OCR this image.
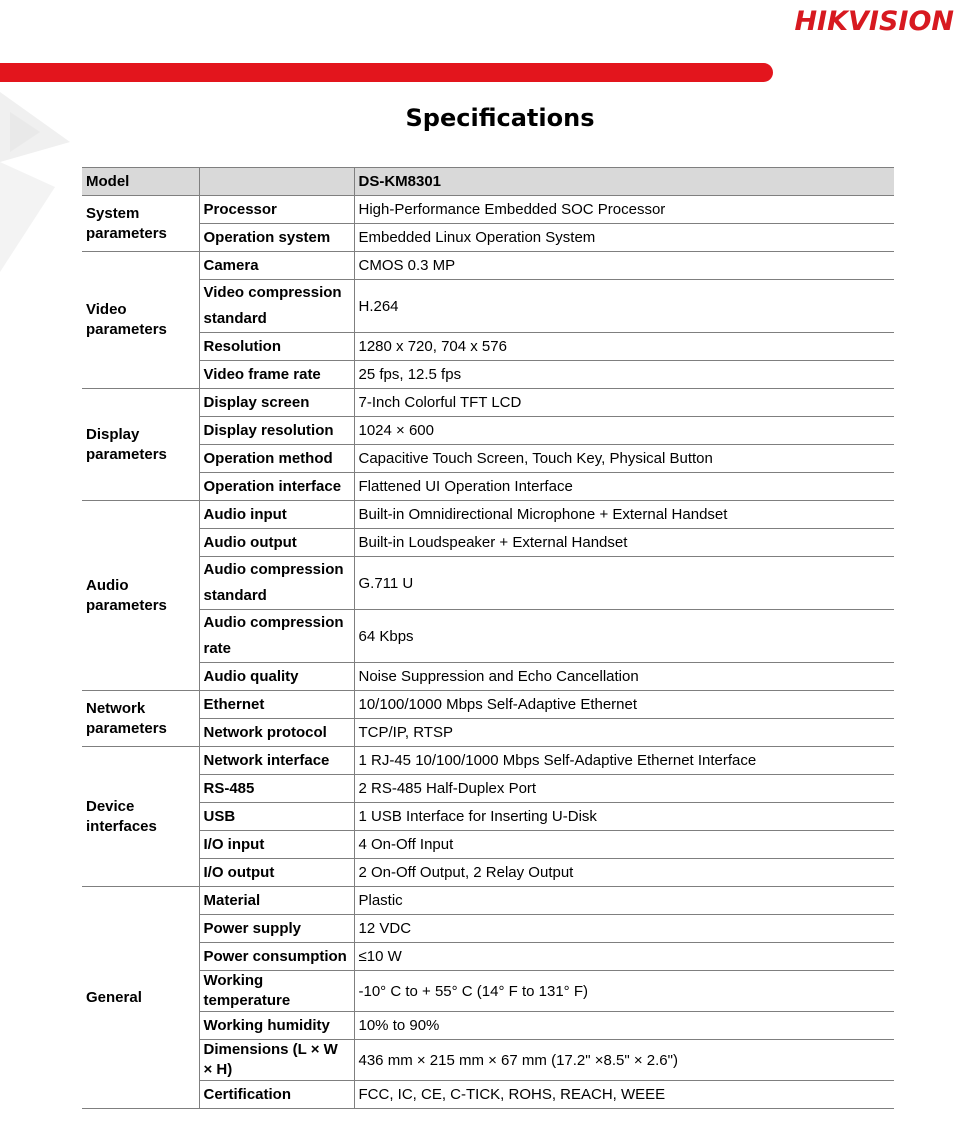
HIKVISION
Specifications
Model		DS-KM8301
System parameters	Processor	High-Performance Embedded SOC Processor
	Operation system	Embedded Linux Operation System
Video parameters	Camera	CMOS 0.3 MP
	Video compression standard	H.264
	Resolution	1280 x 720, 704 x 576
	Video frame rate	25 fps, 12.5 fps
Display parameters	Display screen	7-Inch Colorful TFT LCD
	Display resolution	1024 × 600
	Operation method	Capacitive Touch Screen, Touch Key, Physical Button
	Operation interface	Flattened UI Operation Interface
Audio parameters	Audio input	Built-in Omnidirectional Microphone + External Handset
	Audio output	Built-in Loudspeaker + External Handset
	Audio compression standard	G.711 U
	Audio compression rate	64 Kbps
	Audio quality	Noise Suppression and Echo Cancellation
Network parameters	Ethernet	10/100/1000 Mbps Self-Adaptive Ethernet
	Network protocol	TCP/IP, RTSP
Device interfaces	Network interface	1 RJ-45 10/100/1000 Mbps Self-Adaptive Ethernet Interface
	RS-485	2 RS-485 Half-Duplex Port
	USB	1 USB Interface for Inserting U-Disk
	I/O input	4 On-Off Input
	I/O output	2 On-Off Output, 2 Relay Output
General	Material	Plastic
	Power supply	12 VDC
	Power consumption	≤10 W
	Working temperature	-10° C to + 55° C (14° F to 131° F)
	Working humidity	10% to 90%
	Dimensions (L × W × H)	436 mm × 215 mm × 67 mm (17.2" ×8.5" × 2.6")
	Certification	FCC, IC, CE, C-TICK, ROHS, REACH, WEEE
